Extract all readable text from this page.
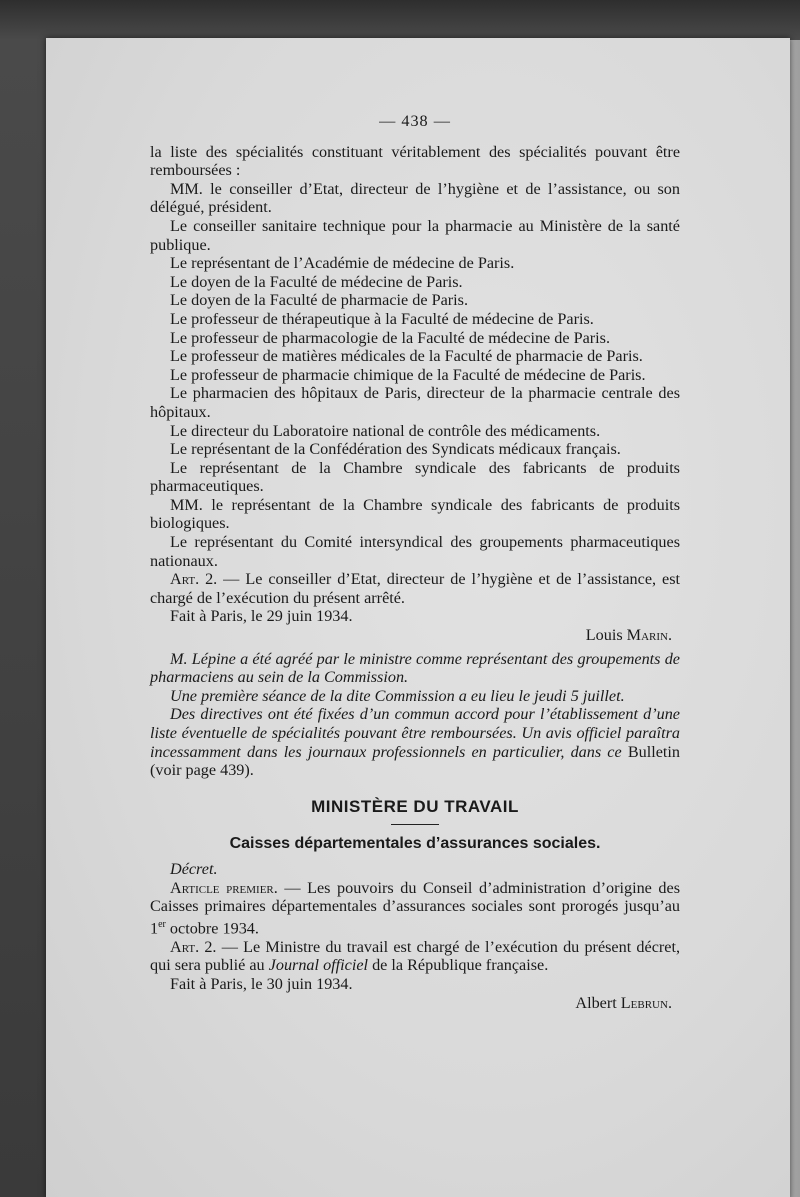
— 438 —

la liste des spécialités constituant véritablement des spécialités pouvant être remboursées :

MM. le conseiller d’Etat, directeur de l’hygiène et de l’assistance, ou son délégué, président.

Le conseiller sanitaire technique pour la pharmacie au Ministère de la santé publique.

Le représentant de l’Académie de médecine de Paris.

Le doyen de la Faculté de médecine de Paris.

Le doyen de la Faculté de pharmacie de Paris.

Le professeur de thérapeutique à la Faculté de médecine de Paris.

Le professeur de pharmacologie de la Faculté de médecine de Paris.

Le professeur de matières médicales de la Faculté de pharmacie de Paris.

Le professeur de pharmacie chimique de la Faculté de médecine de Paris.

Le pharmacien des hôpitaux de Paris, directeur de la pharmacie centrale des hôpitaux.

Le directeur du Laboratoire national de contrôle des médicaments.

Le représentant de la Confédération des Syndicats médicaux français.

Le représentant de la Chambre syndicale des fabricants de produits pharmaceutiques.

MM. le représentant de la Chambre syndicale des fabricants de produits biologiques.

Le représentant du Comité intersyndical des groupements pharmaceutiques nationaux.

Art. 2. — Le conseiller d’Etat, directeur de l’hygiène et de l’assistance, est chargé de l’exécution du présent arrêté.

Fait à Paris, le 29 juin 1934.

Louis Marin.

M. Lépine a été agréé par le ministre comme représentant des groupements de pharmaciens au sein de la Commission.

Une première séance de la dite Commission a eu lieu le jeudi 5 juillet.

Des directives ont été fixées d’un commun accord pour l’établissement d’une liste éventuelle de spécialités pouvant être remboursées. Un avis officiel paraîtra incessamment dans les journaux professionnels en particulier, dans ce Bulletin (voir page 439).

MINISTÈRE DU TRAVAIL
Caisses départementales d’assurances sociales.

Décret.

Article premier. — Les pouvoirs du Conseil d’administration d’origine des Caisses primaires départementales d’assurances sociales sont prorogés jusqu’au 1er octobre 1934.

Art. 2. — Le Ministre du travail est chargé de l’exécution du présent décret, qui sera publié au Journal officiel de la République française.

Fait à Paris, le 30 juin 1934.

Albert Lebrun.
